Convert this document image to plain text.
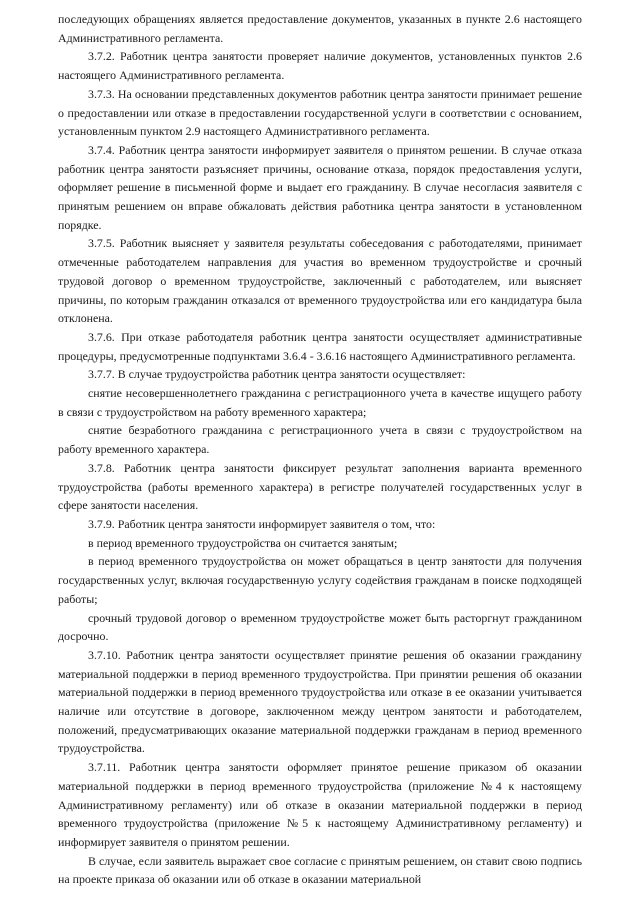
последующих обращениях является предоставление документов, указанных в пункте 2.6 настоящего Административного регламента.

3.7.2. Работник центра занятости проверяет наличие документов, установленных пунктов 2.6 настоящего Административного регламента.

3.7.3. На основании представленных документов работник центра занятости принимает решение о предоставлении или отказе в предоставлении государственной услуги в соответствии с основанием, установленным пунктом 2.9 настоящего Административного регламента.

3.7.4. Работник центра занятости информирует заявителя о принятом решении. В случае отказа работник центра занятости разъясняет причины, основание отказа, порядок предоставления услуги, оформляет решение в письменной форме и выдает его гражданину. В случае несогласия заявителя с принятым решением он вправе обжаловать действия работника центра занятости в установленном порядке.

3.7.5. Работник выясняет у заявителя результаты собеседования с работодателями, принимает отмеченные работодателем направления для участия во временном трудоустройстве и срочный трудовой договор о временном трудоустройстве, заключенный с работодателем, или выясняет причины, по которым гражданин отказался от временного трудоустройства или его кандидатура была отклонена.

3.7.6. При отказе работодателя работник центра занятости осуществляет административные процедуры, предусмотренные подпунктами 3.6.4 - 3.6.16 настоящего Административного регламента.

3.7.7. В случае трудоустройства работник центра занятости осуществляет:

снятие несовершеннолетнего гражданина с регистрационного учета в качестве ищущего работу в связи с трудоустройством на работу временного характера;

снятие безработного гражданина с регистрационного учета в связи с трудоустройством на работу временного характера.

3.7.8. Работник центра занятости фиксирует результат заполнения варианта временного трудоустройства (работы временного характера) в регистре получателей государственных услуг в сфере занятости населения.

3.7.9. Работник центра занятости информирует заявителя о том, что:

в период временного трудоустройства он считается занятым;

в период временного трудоустройства он может обращаться в центр занятости для получения государственных услуг, включая государственную услугу содействия гражданам в поиске подходящей работы;

срочный трудовой договор о временном трудоустройстве может быть расторгнут гражданином досрочно.

3.7.10. Работник центра занятости осуществляет принятие решения об оказании гражданину материальной поддержки в период временного трудоустройства. При принятии решения об оказании материальной поддержки в период временного трудоустройства или отказе в ее оказании учитывается наличие или отсутствие в договоре, заключенном между центром занятости и работодателем, положений, предусматривающих оказание материальной поддержки гражданам в период временного трудоустройства.

3.7.11. Работник центра занятости оформляет принятое решение приказом об оказании материальной поддержки в период временного трудоустройства (приложение №4 к настоящему Административному регламенту) или об отказе в оказании материальной поддержки в период временного трудоустройства (приложение №5 к настоящему Административному регламенту) и информирует заявителя о принятом решении.

В случае, если заявитель выражает свое согласие с принятым решением, он ставит свою подпись на проекте приказа об оказании или об отказе в оказании материальной
